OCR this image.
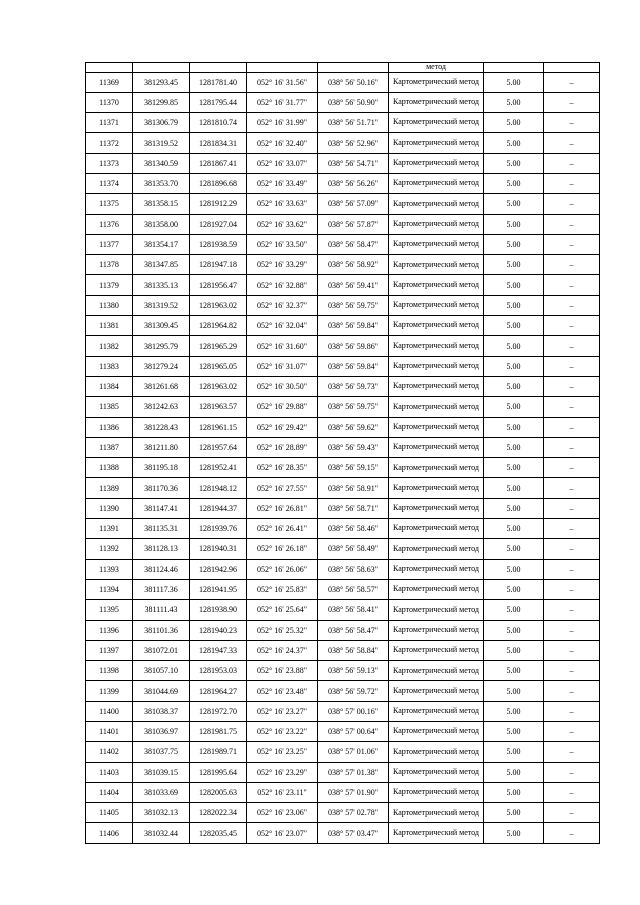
					метод		
11369	381293.45	1281781.40	052° 16' 31.56"	038° 56' 50.16"	Картометрический метод	5.00	–
11370	381299.85	1281795.44	052° 16' 31.77"	038° 56' 50.90"	Картометрический метод	5.00	–
11371	381306.79	1281810.74	052° 16' 31.99"	038° 56' 51.71"	Картометрический метод	5.00	–
11372	381319.52	1281834.31	052° 16' 32.40"	038° 56' 52.96"	Картометрический метод	5.00	–
11373	381340.59	1281867.41	052° 16' 33.07"	038° 56' 54.71"	Картометрический метод	5.00	–
11374	381353.70	1281896.68	052° 16' 33.49"	038° 56' 56.26"	Картометрический метод	5.00	–
11375	381358.15	1281912.29	052° 16' 33.63"	038° 56' 57.09"	Картометрический метод	5.00	–
11376	381358.00	1281927.04	052° 16' 33.62"	038° 56' 57.87"	Картометрический метод	5.00	–
11377	381354.17	1281938.59	052° 16' 33.50"	038° 56' 58.47"	Картометрический метод	5.00	–
11378	381347.85	1281947.18	052° 16' 33.29"	038° 56' 58.92"	Картометрический метод	5.00	–
11379	381335.13	1281956.47	052° 16' 32.88"	038° 56' 59.41"	Картометрический метод	5.00	–
11380	381319.52	1281963.02	052° 16' 32.37"	038° 56' 59.75"	Картометрический метод	5.00	–
11381	381309.45	1281964.82	052° 16' 32.04"	038° 56' 59.84"	Картометрический метод	5.00	–
11382	381295.79	1281965.29	052° 16' 31.60"	038° 56' 59.86"	Картометрический метод	5.00	–
11383	381279.24	1281965.05	052° 16' 31.07"	038° 56' 59.84"	Картометрический метод	5.00	–
11384	381261.68	1281963.02	052° 16' 30.50"	038° 56' 59.73"	Картометрический метод	5.00	–
11385	381242.63	1281963.57	052° 16' 29.88"	038° 56' 59.75"	Картометрический метод	5.00	–
11386	381228.43	1281961.15	052° 16' 29.42"	038° 56' 59.62"	Картометрический метод	5.00	–
11387	381211.80	1281957.64	052° 16' 28.89"	038° 56' 59.43"	Картометрический метод	5.00	–
11388	381195.18	1281952.41	052° 16' 28.35"	038° 56' 59.15"	Картометрический метод	5.00	–
11389	381170.36	1281948.12	052° 16' 27.55"	038° 56' 58.91"	Картометрический метод	5.00	–
11390	381147.41	1281944.37	052° 16' 26.81"	038° 56' 58.71"	Картометрический метод	5.00	–
11391	381135.31	1281939.76	052° 16' 26.41"	038° 56' 58.46"	Картометрический метод	5.00	–
11392	381128.13	1281940.31	052° 16' 26.18"	038° 56' 58.49"	Картометрический метод	5.00	–
11393	381124.46	1281942.96	052° 16' 26.06"	038° 56' 58.63"	Картометрический метод	5.00	–
11394	381117.36	1281941.95	052° 16' 25.83"	038° 56' 58.57"	Картометрический метод	5.00	–
11395	381111.43	1281938.90	052° 16' 25.64"	038° 56' 58.41"	Картометрический метод	5.00	–
11396	381101.36	1281940.23	052° 16' 25.32"	038° 56' 58.47"	Картометрический метод	5.00	–
11397	381072.01	1281947.33	052° 16' 24.37"	038° 56' 58.84"	Картометрический метод	5.00	–
11398	381057.10	1281953.03	052° 16' 23.88"	038° 56' 59.13"	Картометрический метод	5.00	–
11399	381044.69	1281964.27	052° 16' 23.48"	038° 56' 59.72"	Картометрический метод	5.00	–
11400	381038.37	1281972.70	052° 16' 23.27"	038° 57' 00.16"	Картометрический метод	5.00	–
11401	381036.97	1281981.75	052° 16' 23.22"	038° 57' 00.64"	Картометрический метод	5.00	–
11402	381037.75	1281989.71	052° 16' 23.25"	038° 57' 01.06"	Картометрический метод	5.00	–
11403	381039.15	1281995.64	052° 16' 23.29"	038° 57' 01.38"	Картометрический метод	5.00	–
11404	381033.69	1282005.63	052° 16' 23.11"	038° 57' 01.90"	Картометрический метод	5.00	–
11405	381032.13	1282022.34	052° 16' 23.06"	038° 57' 02.78"	Картометрический метод	5.00	–
11406	381032.44	1282035.45	052° 16' 23.07"	038° 57' 03.47"	Картометрический метод	5.00	–
